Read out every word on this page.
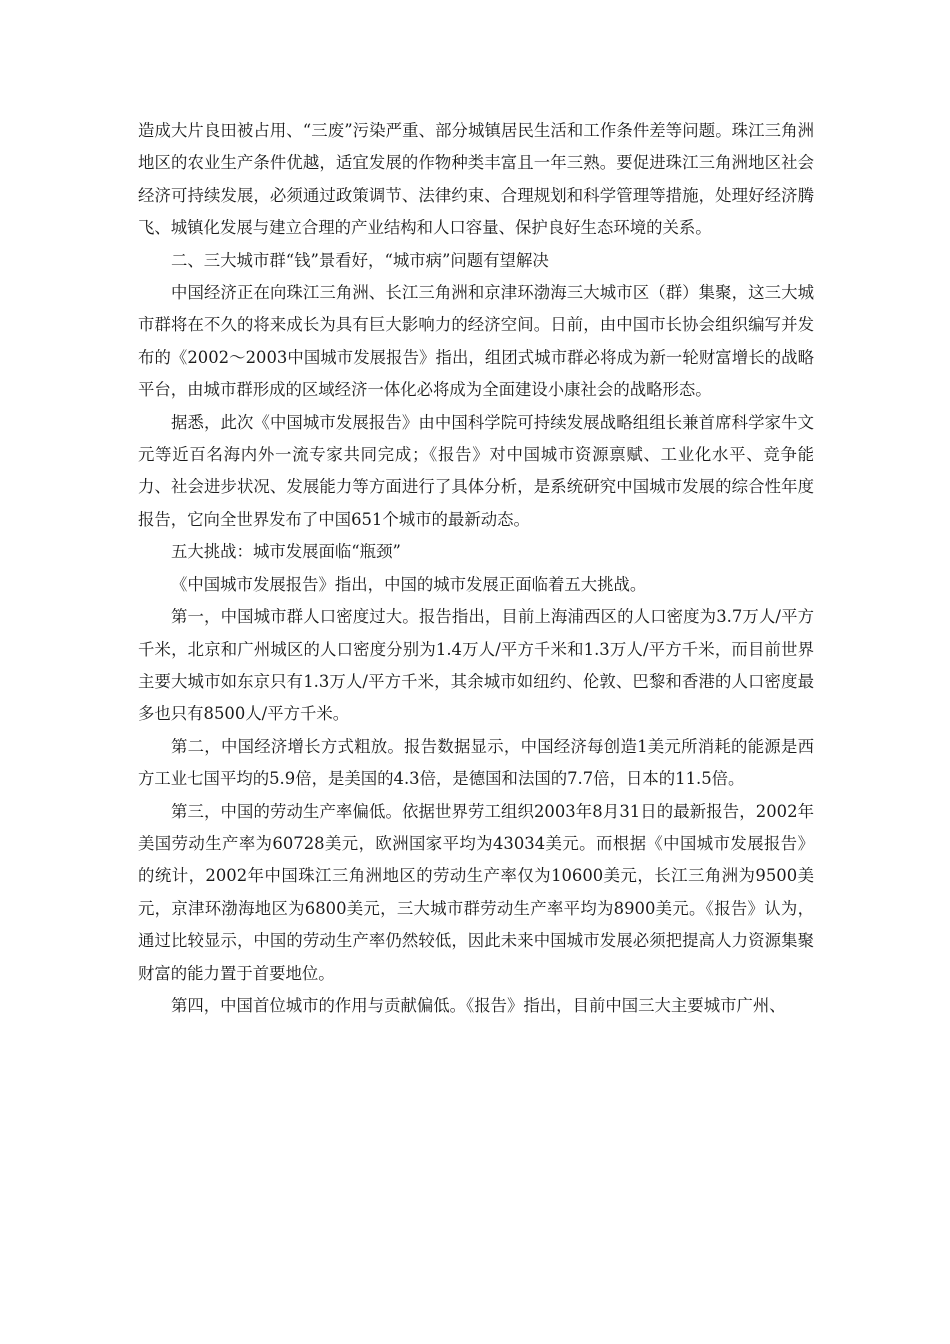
造成大片良田被占用、“三废”污染严重、部分城镇居民生活和工作条件差等问题。珠江三角洲地区的农业生产条件优越，适宜发展的作物种类丰富且一年三熟。要促进珠江三角洲地区社会经济可持续发展，必须通过政策调节、法律约束、合理规划和科学管理等措施，处理好经济腾飞、城镇化发展与建立合理的产业结构和人口容量、保护良好生态环境的关系。

二、三大城市群“钱”景看好，“城市病”问题有望解决

中国经济正在向珠江三角洲、长江三角洲和京津环渤海三大城市区（群）集聚，这三大城市群将在不久的将来成长为具有巨大影响力的经济空间。日前，由中国市长协会组织编写并发布的《2002～2003中国城市发展报告》指出，组团式城市群必将成为新一轮财富增长的战略平台，由城市群形成的区域经济一体化必将成为全面建设小康社会的战略形态。

据悉，此次《中国城市发展报告》由中国科学院可持续发展战略组组长兼首席科学家牛文元等近百名海内外一流专家共同完成；《报告》对中国城市资源禀赋、工业化水平、竞争能力、社会进步状况、发展能力等方面进行了具体分析，是系统研究中国城市发展的综合性年度报告，它向全世界发布了中国651个城市的最新动态。

五大挑战：城市发展面临“瓶颈”

《中国城市发展报告》指出，中国的城市发展正面临着五大挑战。

第一，中国城市群人口密度过大。报告指出，目前上海浦西区的人口密度为3.7万人/平方千米，北京和广州城区的人口密度分别为1.4万人/平方千米和1.3万人/平方千米，而目前世界主要大城市如东京只有1.3万人/平方千米，其余城市如纽约、伦敦、巴黎和香港的人口密度最多也只有8500人/平方千米。

第二，中国经济增长方式粗放。报告数据显示，中国经济每创造1美元所消耗的能源是西方工业七国平均的5.9倍，是美国的4.3倍，是德国和法国的7.7倍，日本的11.5倍。

第三，中国的劳动生产率偏低。依据世界劳工组织2003年8月31日的最新报告，2002年美国劳动生产率为60728美元，欧洲国家平均为43034美元。而根据《中国城市发展报告》的统计，2002年中国珠江三角洲地区的劳动生产率仅为10600美元，长江三角洲为9500美元，京津环渤海地区为6800美元，三大城市群劳动生产率平均为8900美元。《报告》认为，通过比较显示，中国的劳动生产率仍然较低，因此未来中国城市发展必须把提高人力资源集聚财富的能力置于首要地位。

第四，中国首位城市的作用与贡献偏低。《报告》指出，目前中国三大主要城市广州、
